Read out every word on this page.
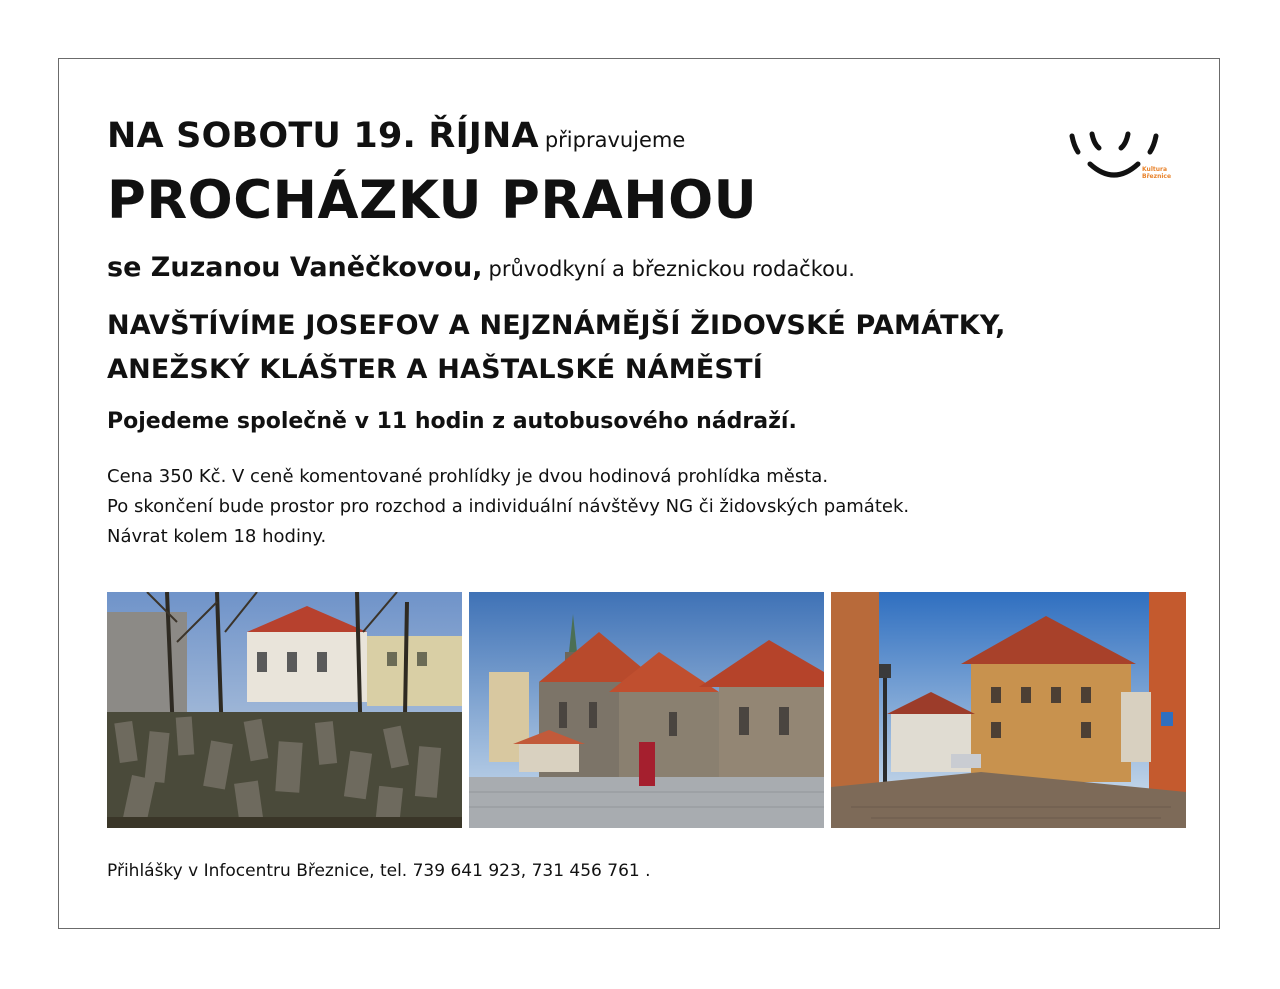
NA SOBOTU 19. ŘÍJNA připravujeme
PROCHÁZKU PRAHOU
se Zuzanou Vaněčkovou, průvodkyní a březnickou rodačkou.
NAVŠTÍVÍME JOSEFOV A NEJZNÁMĚJŠÍ ŽIDOVSKÉ PAMÁTKY,
ANEŽSKÝ KLÁŠTER A HAŠTALSKÉ NÁMĚSTÍ
Pojedeme společně v 11 hodin z autobusového nádraží.
Cena 350 Kč. V ceně komentované prohlídky je dvou hodinová prohlídka města.
Po skončení bude prostor pro rozchod a individuální návštěvy NG či židovských památek.
Návrat kolem 18 hodiny.
Kultura
Březnice
Přihlášky v Infocentru Březnice, tel. 739 641 923, 731 456 761 .
